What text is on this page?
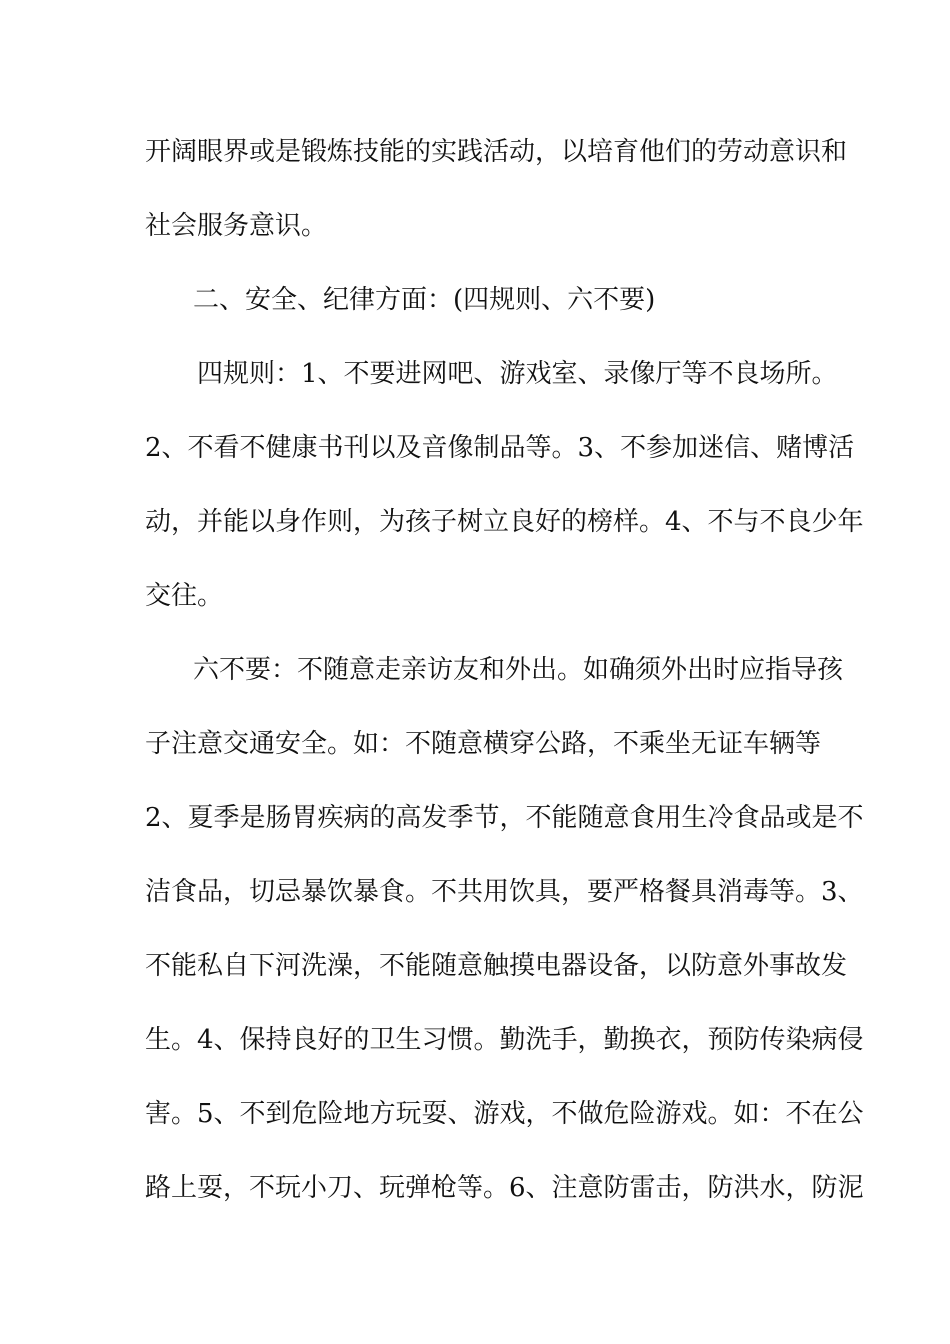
开阔眼界或是锻炼技能的实践活动，以培育他们的劳动意识和
社会服务意识。
二、安全、纪律方面：(四规则、六不要)
四规则：1、不要进网吧、游戏室、录像厅等不良场所。
2、不看不健康书刊以及音像制品等。3、不参加迷信、赌博活
动，并能以身作则，为孩子树立良好的榜样。4、不与不良少年
交往。
六不要：不随意走亲访友和外出。如确须外出时应指导孩
子注意交通安全。如：不随意横穿公路，不乘坐无证车辆等
2、夏季是肠胃疾病的高发季节，不能随意食用生冷食品或是不
洁食品，切忌暴饮暴食。不共用饮具，要严格餐具消毒等。3、
不能私自下河洗澡，不能随意触摸电器设备，以防意外事故发
生。4、保持良好的卫生习惯。勤洗手，勤换衣，预防传染病侵
害。5、不到危险地方玩耍、游戏，不做危险游戏。如：不在公
路上耍，不玩小刀、玩弹枪等。6、注意防雷击，防洪水，防泥
